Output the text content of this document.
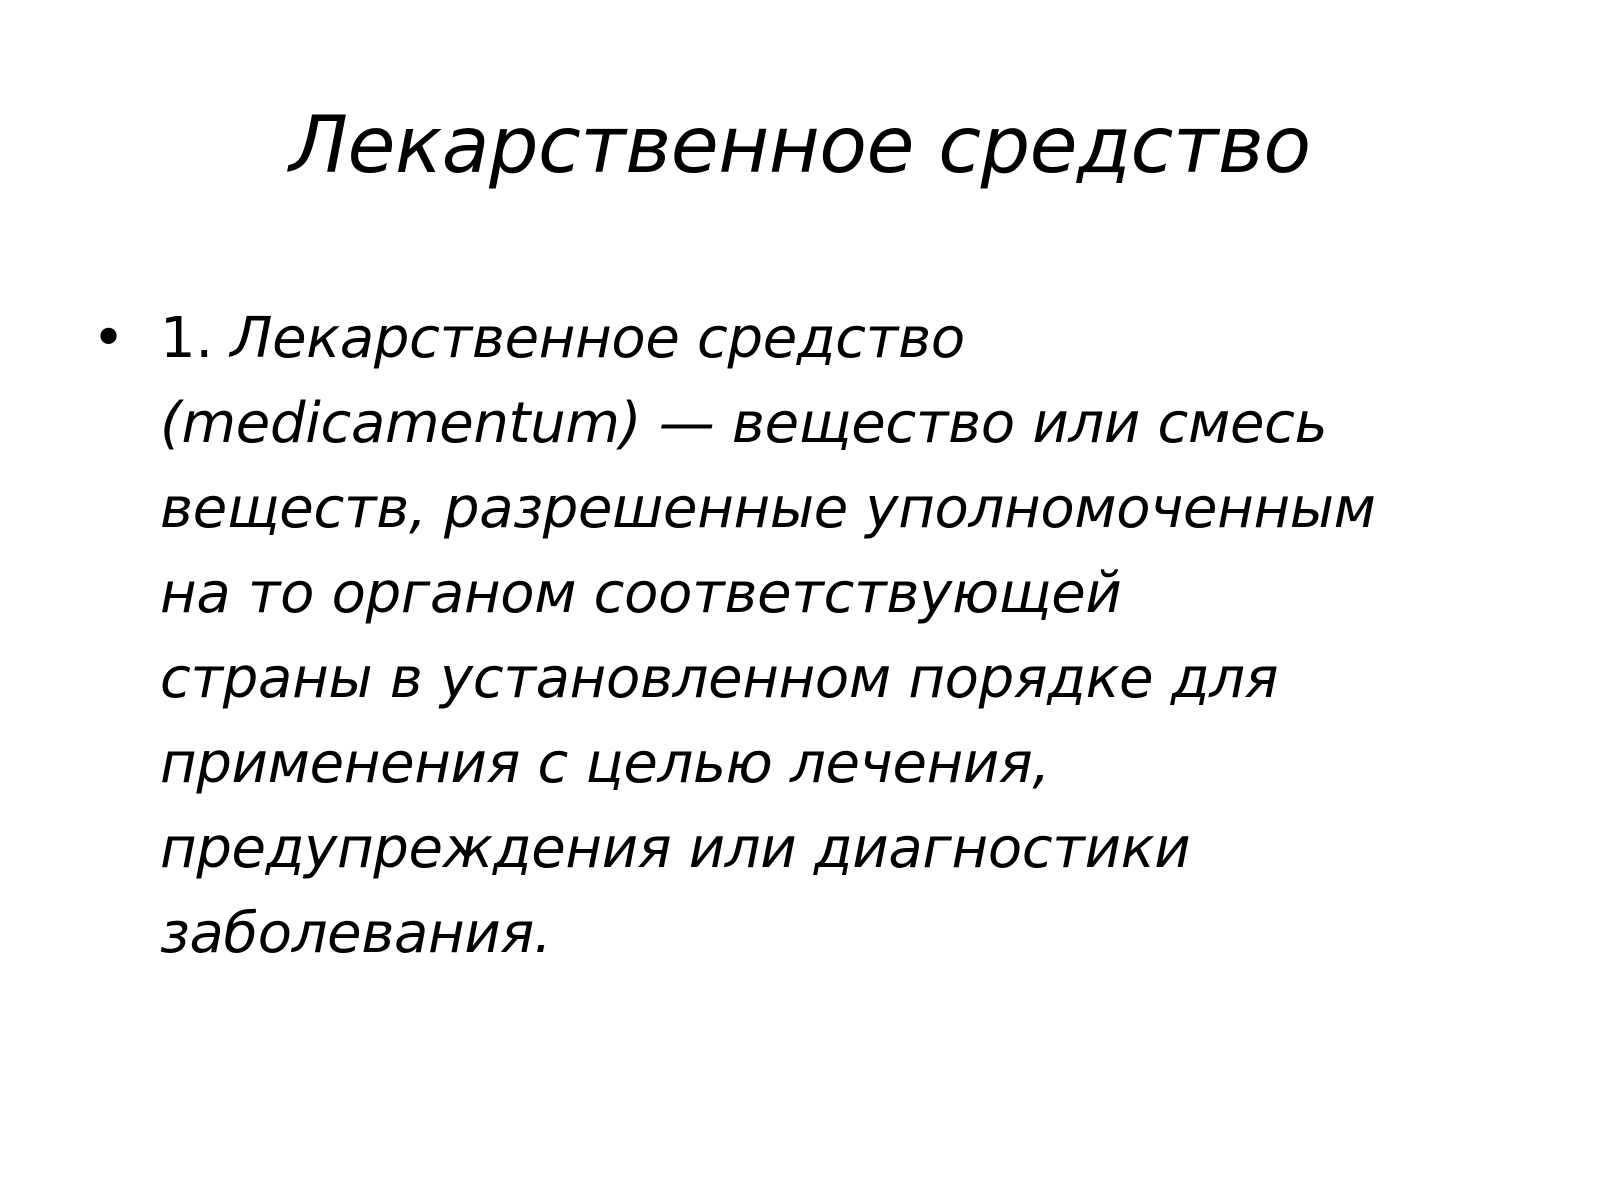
Лекарственное средство
• 1. Лекарственное средство
(medicamentum) — вещество или смесь
веществ, разрешенные уполномоченным
на то органом соответствующей
страны в установленном порядке для
применения с целью лечения,
предупреждения или диагностики
заболевания.
